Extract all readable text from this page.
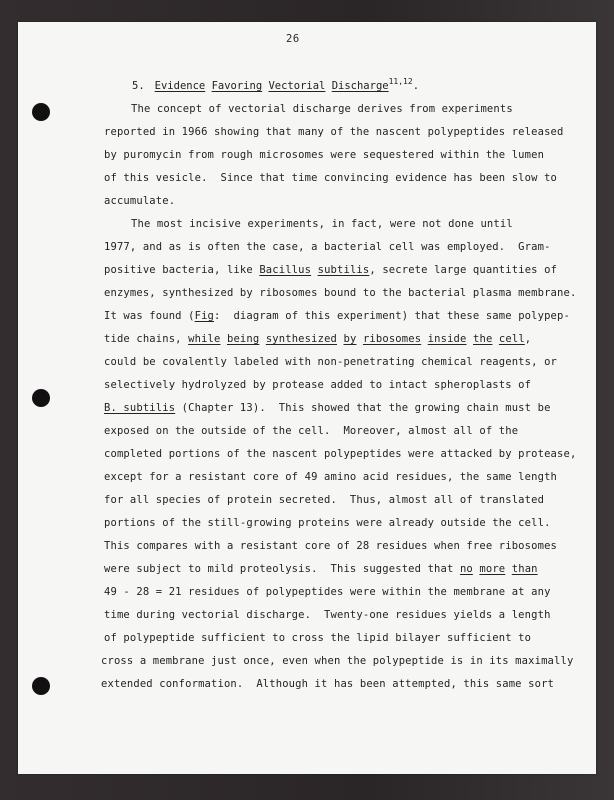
26
5. Evidence Favoring Vectorial Discharge$^{11,12}$.
The concept of vectorial discharge derives from experiments
reported in 1966 showing that many of the nascent polypeptides released
by puromycin from rough microsomes were sequestered within the lumen
of this vesicle.  Since that time convincing evidence has been slow to
accumulate.
The most incisive experiments, in fact, were not done until
1977, and as is often the case, a bacterial cell was employed.  Gram-
positive bacteria, like Bacillus subtilis, secrete large quantities of
enzymes, synthesized by ribosomes bound to the bacterial plasma membrane.
It was found (Fig:  diagram of this experiment) that these same polypep-
tide chains, while being synthesized by ribosomes inside the cell,
could be covalently labeled with non-penetrating chemical reagents, or
selectively hydrolyzed by protease added to intact spheroplasts of
B. subtilis (Chapter 13).  This showed that the growing chain must be
exposed on the outside of the cell.  Moreover, almost all of the
completed portions of the nascent polypeptides were attacked by protease,
except for a resistant core of 49 amino acid residues, the same length
for all species of protein secreted.  Thus, almost all of translated
portions of the still-growing proteins were already outside the cell.
This compares with a resistant core of 28 residues when free ribosomes
were subject to mild proteolysis.  This suggested that no more than
49 - 28 = 21 residues of polypeptides were within the membrane at any
time during vectorial discharge.  Twenty-one residues yields a length
of polypeptide sufficient to cross the lipid bilayer sufficient to
cross a membrane just once, even when the polypeptide is in its maximally
extended conformation.  Although it has been attempted, this same sort
